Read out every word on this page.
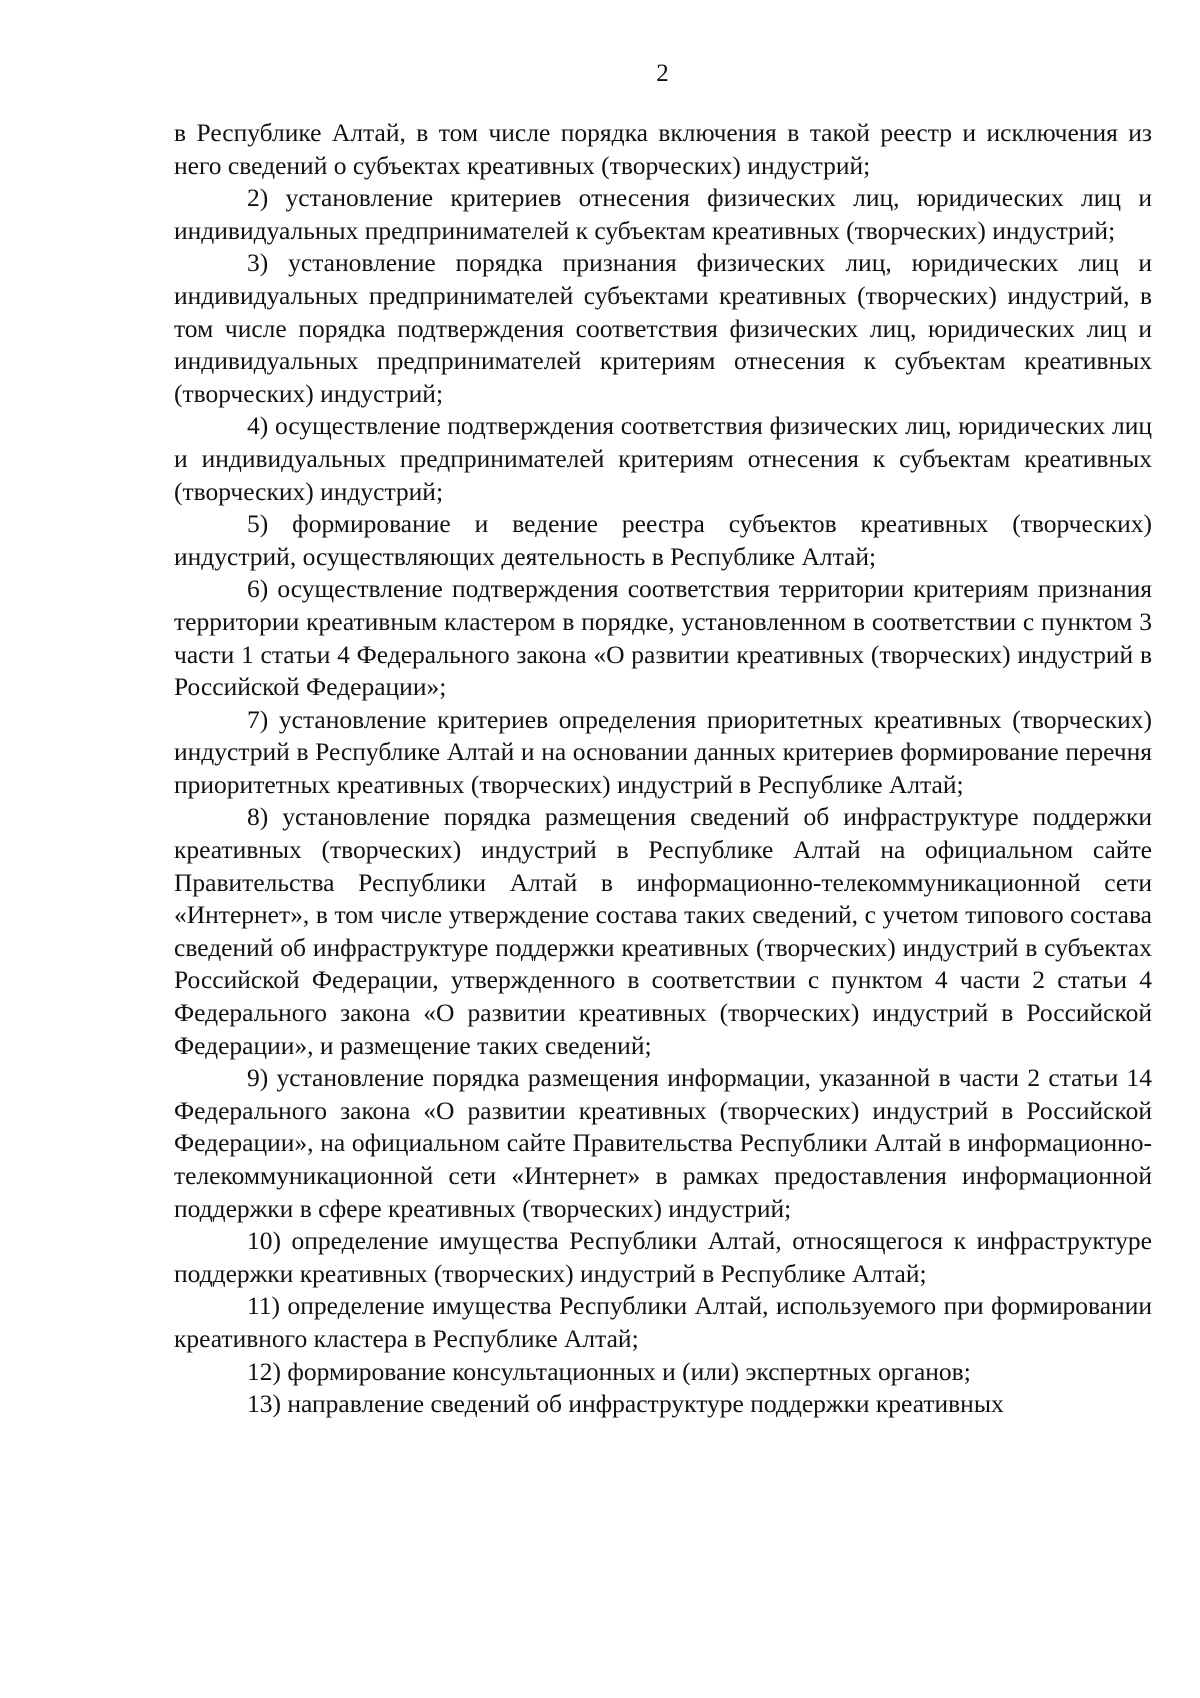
2

в Республике Алтай, в том числе порядка включения в такой реестр и исключения из него сведений о субъектах креативных (творческих) индустрий;

2) установление критериев отнесения физических лиц, юридических лиц и индивидуальных предпринимателей к субъектам креативных (творческих) индустрий;

3) установление порядка признания физических лиц, юридических лиц и индивидуальных предпринимателей субъектами креативных (творческих) индустрий, в том числе порядка подтверждения соответствия физических лиц, юридических лиц и индивидуальных предпринимателей критериям отнесения к субъектам креативных (творческих) индустрий;

4) осуществление подтверждения соответствия физических лиц, юридических лиц и индивидуальных предпринимателей критериям отнесения к субъектам креативных (творческих) индустрий;

5) формирование и ведение реестра субъектов креативных (творческих) индустрий, осуществляющих деятельность в Республике Алтай;

6) осуществление подтверждения соответствия территории критериям признания территории креативным кластером в порядке, установленном в соответствии с пунктом 3 части 1 статьи 4 Федерального закона «О развитии креативных (творческих) индустрий в Российской Федерации»;

7) установление критериев определения приоритетных креативных (творческих) индустрий в Республике Алтай и на основании данных критериев формирование перечня приоритетных креативных (творческих) индустрий в Республике Алтай;

8) установление порядка размещения сведений об инфраструктуре поддержки креативных (творческих) индустрий в Республике Алтай на официальном сайте Правительства Республики Алтай в информационно-телекоммуникационной сети «Интернет», в том числе утверждение состава таких сведений, с учетом типового состава сведений об инфраструктуре поддержки креативных (творческих) индустрий в субъектах Российской Федерации, утвержденного в соответствии с пунктом 4 части 2 статьи 4 Федерального закона «О развитии креативных (творческих) индустрий в Российской Федерации», и размещение таких сведений;

9) установление порядка размещения информации, указанной в части 2 статьи 14 Федерального закона «О развитии креативных (творческих) индустрий в Российской Федерации», на официальном сайте Правительства Республики Алтай в информационно-телекоммуникационной сети «Интернет» в рамках предоставления информационной поддержки в сфере креативных (творческих) индустрий;

10) определение имущества Республики Алтай, относящегося к инфраструктуре поддержки креативных (творческих) индустрий в Республике Алтай;

11) определение имущества Республики Алтай, используемого при формировании креативного кластера в Республике Алтай;

12) формирование консультационных и (или) экспертных органов;

13) направление сведений об инфраструктуре поддержки креативных
